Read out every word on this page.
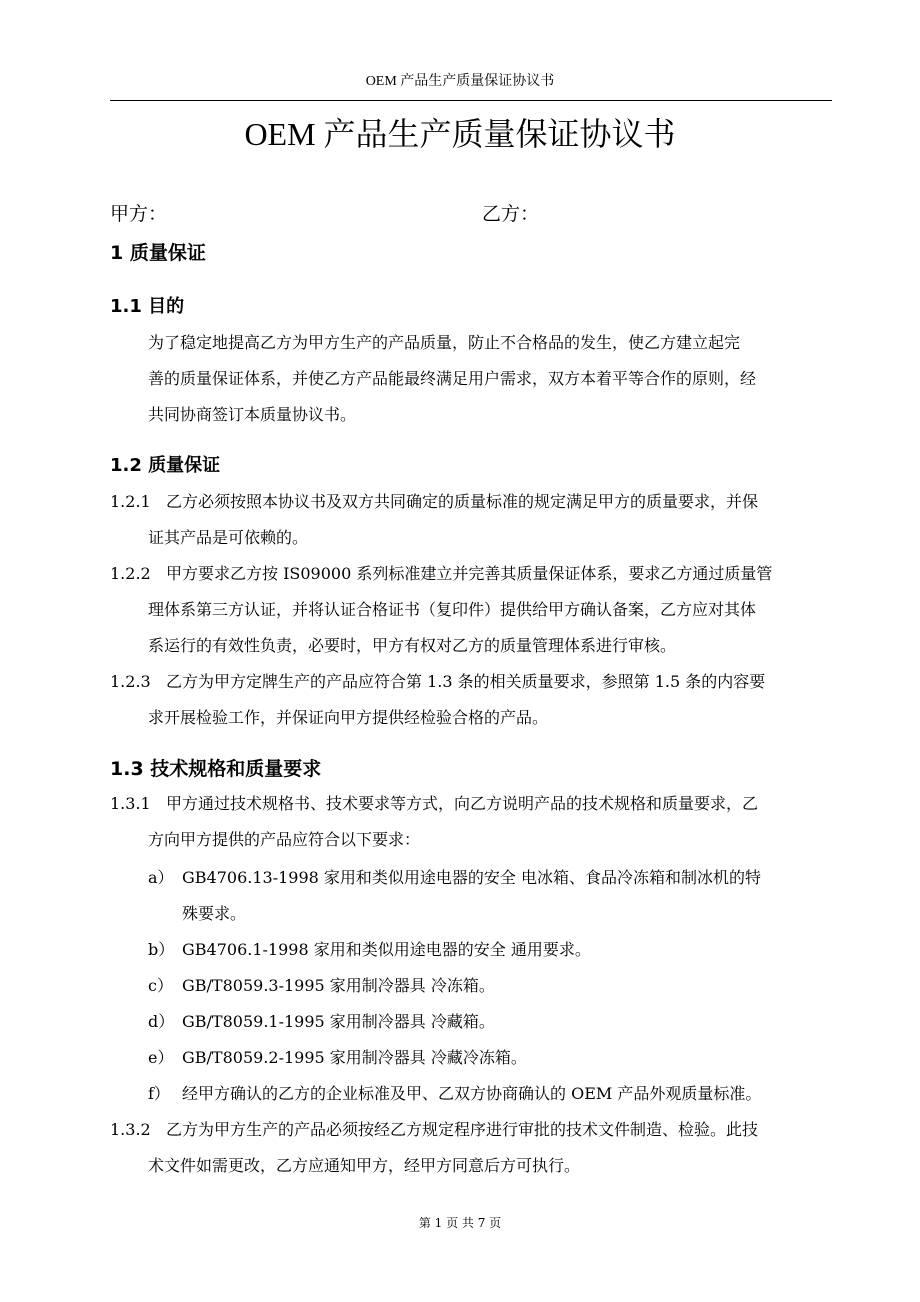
OEM 产品生产质量保证协议书
OEM 产品生产质量保证协议书
甲方：	乙方：
1 质量保证
1.1 目的
为了稳定地提高乙方为甲方生产的产品质量，防止不合格品的发生，使乙方建立起完
善的质量保证体系，并使乙方产品能最终满足用户需求，双方本着平等合作的原则，经
共同协商签订本质量协议书。
1.2 质量保证
1.2.1 乙方必须按照本协议书及双方共同确定的质量标准的规定满足甲方的质量要求，并保
证其产品是可依赖的。
1.2.2 甲方要求乙方按 IS09000 系列标准建立并完善其质量保证体系，要求乙方通过质量管
理体系第三方认证，并将认证合格证书（复印件）提供给甲方确认备案，乙方应对其体
系运行的有效性负责，必要时，甲方有权对乙方的质量管理体系进行审核。
1.2.3 乙方为甲方定牌生产的产品应符合第 1.3 条的相关质量要求，参照第 1.5 条的内容要
求开展检验工作，并保证向甲方提供经检验合格的产品。
1.3 技术规格和质量要求
1.3.1 甲方通过技术规格书、技术要求等方式，向乙方说明产品的技术规格和质量要求，乙
方向甲方提供的产品应符合以下要求：
a） GB4706.13-1998 家用和类似用途电器的安全 电冰箱、食品冷冻箱和制冰机的特
殊要求。
b） GB4706.1-1998 家用和类似用途电器的安全 通用要求。
c） GB/T8059.3-1995 家用制冷器具 冷冻箱。
d） GB/T8059.1-1995 家用制冷器具 冷藏箱。
e） GB/T8059.2-1995 家用制冷器具 冷藏冷冻箱。
f） 经甲方确认的乙方的企业标准及甲、乙双方协商确认的 OEM 产品外观质量标准。
1.3.2 乙方为甲方生产的产品必须按经乙方规定程序进行审批的技术文件制造、检验。此技
术文件如需更改，乙方应通知甲方，经甲方同意后方可执行。
第 1 页 共 7 页
